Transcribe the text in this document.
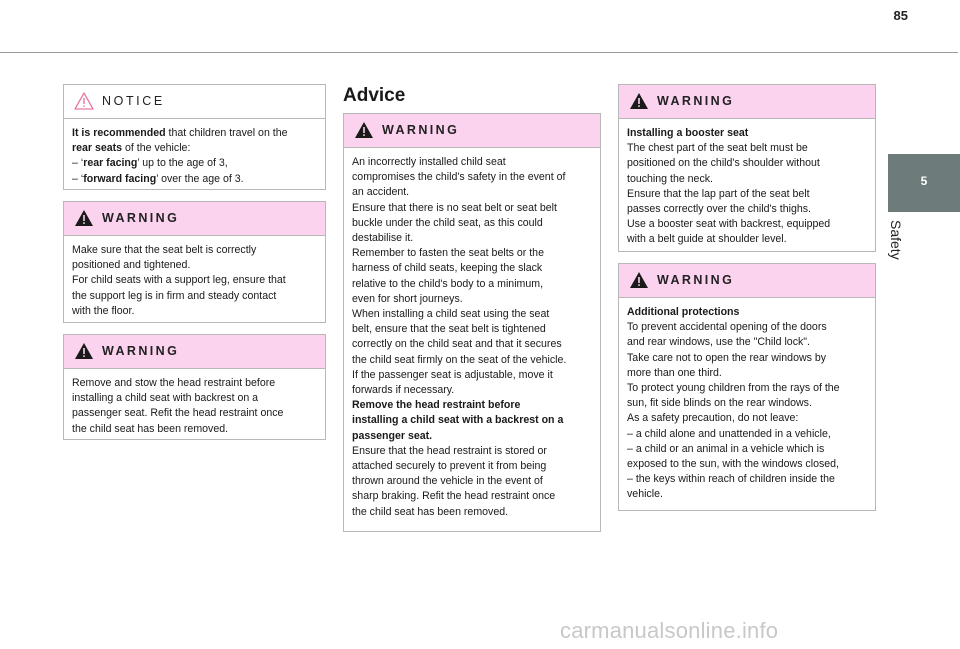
85
5
Safety
NOTICE
It is recommended that children travel on the
rear seats of the vehicle:
– ‘rear facing’ up to the age of 3,
– ‘forward facing’ over the age of 3.
WARNING
Make sure that the seat belt is correctly
positioned and tightened.
For child seats with a support leg, ensure that
the support leg is in firm and steady contact
with the floor.
WARNING
Remove and stow the head restraint before
installing a child seat with backrest on a
passenger seat. Refit the head restraint once
the child seat has been removed.
Advice
WARNING
An incorrectly installed child seat
compromises the child's safety in the event of
an accident.
Ensure that there is no seat belt or seat belt
buckle under the child seat, as this could
destabilise it.
Remember to fasten the seat belts or the
harness of child seats, keeping the slack
relative to the child's body to a minimum,
even for short journeys.
When installing a child seat using the seat
belt, ensure that the seat belt is tightened
correctly on the child seat and that it secures
the child seat firmly on the seat of the vehicle.
If the passenger seat is adjustable, move it
forwards if necessary.
Remove the head restraint before
installing a child seat with a backrest on a
passenger seat.
Ensure that the head restraint is stored or
attached securely to prevent it from being
thrown around the vehicle in the event of
sharp braking. Refit the head restraint once
the child seat has been removed.
WARNING
Installing a booster seat
The chest part of the seat belt must be
positioned on the child's shoulder without
touching the neck.
Ensure that the lap part of the seat belt
passes correctly over the child's thighs.
Use a booster seat with backrest, equipped
with a belt guide at shoulder level.
WARNING
Additional protections
To prevent accidental opening of the doors
and rear windows, use the "Child lock".
Take care not to open the rear windows by
more than one third.
To protect young children from the rays of the
sun, fit side blinds on the rear windows.
As a safety precaution, do not leave:
– a child alone and unattended in a vehicle,
– a child or an animal in a vehicle which is
exposed to the sun, with the windows closed,
– the keys within reach of children inside the
vehicle.
carmanualsonline.info
